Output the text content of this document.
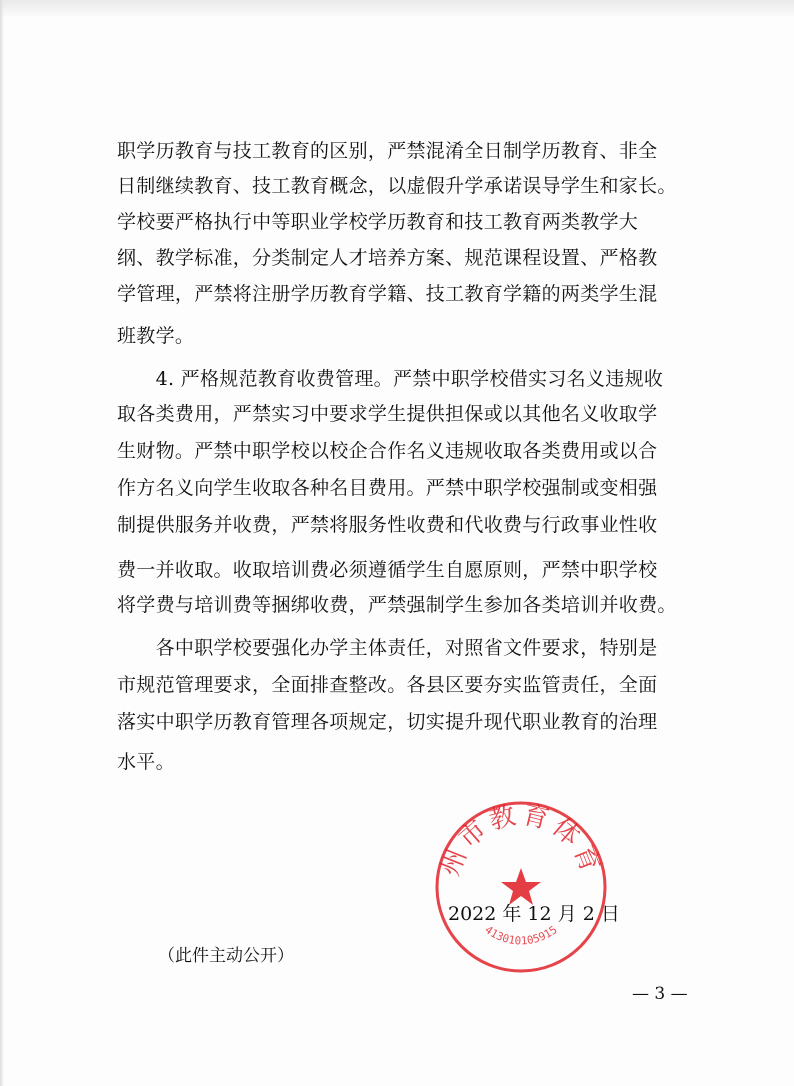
职学历教育与技工教育的区别，严禁混淆全日制学历教育、非全
日制继续教育、技工教育概念，以虚假升学承诺误导学生和家长。
学校要严格执行中等职业学校学历教育和技工教育两类教学大
纲、教学标准，分类制定人才培养方案、规范课程设置、严格教
学管理，严禁将注册学历教育学籍、技工教育学籍的两类学生混
班教学。
　　4. 严格规范教育收费管理。严禁中职学校借实习名义违规收
取各类费用，严禁实习中要求学生提供担保或以其他名义收取学
生财物。严禁中职学校以校企合作名义违规收取各类费用或以合
作方名义向学生收取各种名目费用。严禁中职学校强制或变相强
制提供服务并收费，严禁将服务性收费和代收费与行政事业性收
费一并收取。收取培训费必须遵循学生自愿原则，严禁中职学校
将学费与培训费等捆绑收费，严禁强制学生参加各类培训并收费。
　　各中职学校要强化办学主体责任，对照省文件要求，特别是
市规范管理要求，全面排查整改。各县区要夯实监管责任，全面
落实中职学历教育管理各项规定，切实提升现代职业教育的治理
水平。
州市教育体育
413010105915
2022 年 12 月 2 日
（此件主动公开）
— 3 —
